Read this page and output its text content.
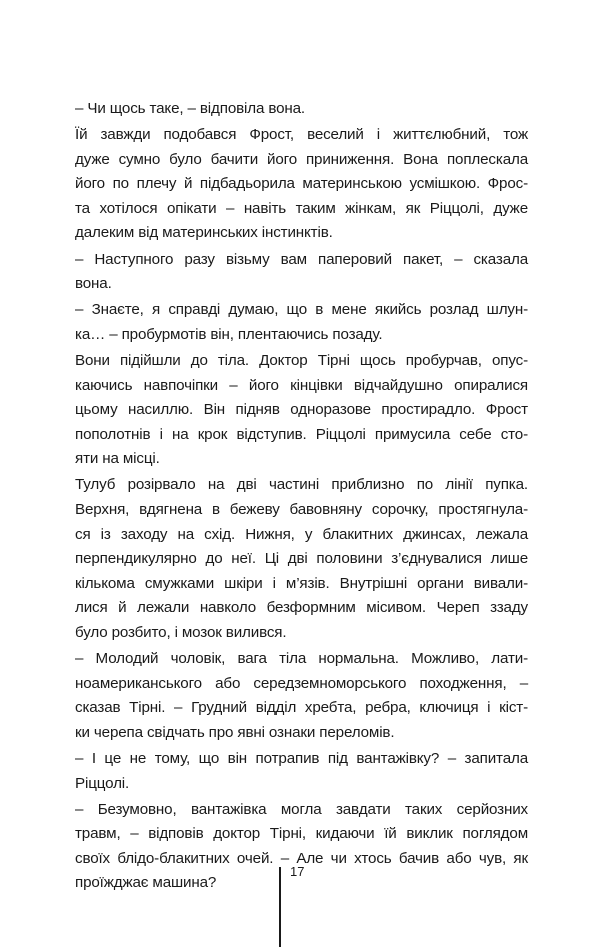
– Чи щось таке, – відповіла вона.

Їй завжди подобався Фрост, веселий і життєлюбний, тож
дуже сумно було бачити його приниження. Вона поплескала
його по плечу й підбадьорила материнською усмішкою. Фрос-
та хотілося опікати – навіть таким жінкам, як Ріццолі, дуже
далеким від материнських інстинктів.

– Наступного разу візьму вам паперовий пакет, – сказала
вона.

– Знаєте, я справді думаю, що в мене якийсь розлад шлун-
ка… – пробурмотів він, плентаючись позаду.

Вони підійшли до тіла. Доктор Тірні щось пробурчав, опус-
каючись навпочіпки – його кінцівки відчайдушно опиралися
цьому насиллю. Він підняв одноразове простирадло. Фрост
пополотнів і на крок відступив. Ріццолі примусила себе сто-
яти на місці.

Тулуб розірвало на дві частині приблизно по лінії пупка.
Верхня, вдягнена в бежеву бавовняну сорочку, простягнула-
ся із заходу на схід. Нижня, у блакитних джинсах, лежала
перпендикулярно до неї. Ці дві половини з’єднувалися лише
кількома смужками шкіри і м’язів. Внутрішні органи вивали-
лися й лежали навколо безформним місивом. Череп ззаду
було розбито, і мозок вилився.

– Молодий чоловік, вага тіла нормальна. Можливо, лати-
ноамериканського або середземноморського походження, –
сказав Тірні. – Грудний відділ хребта, ребра, ключиця і кіст-
ки черепа свідчать про явні ознаки переломів.

– І це не тому, що він потрапив під вантажівку? – запитала
Ріццолі.

– Безумовно, вантажівка могла завдати таких серйозних
травм, – відповів доктор Тірні, кидаючи їй виклик поглядом
своїх блідо-блакитних очей. – Але чи хтось бачив або чув, як
проїжджає машина?

17
